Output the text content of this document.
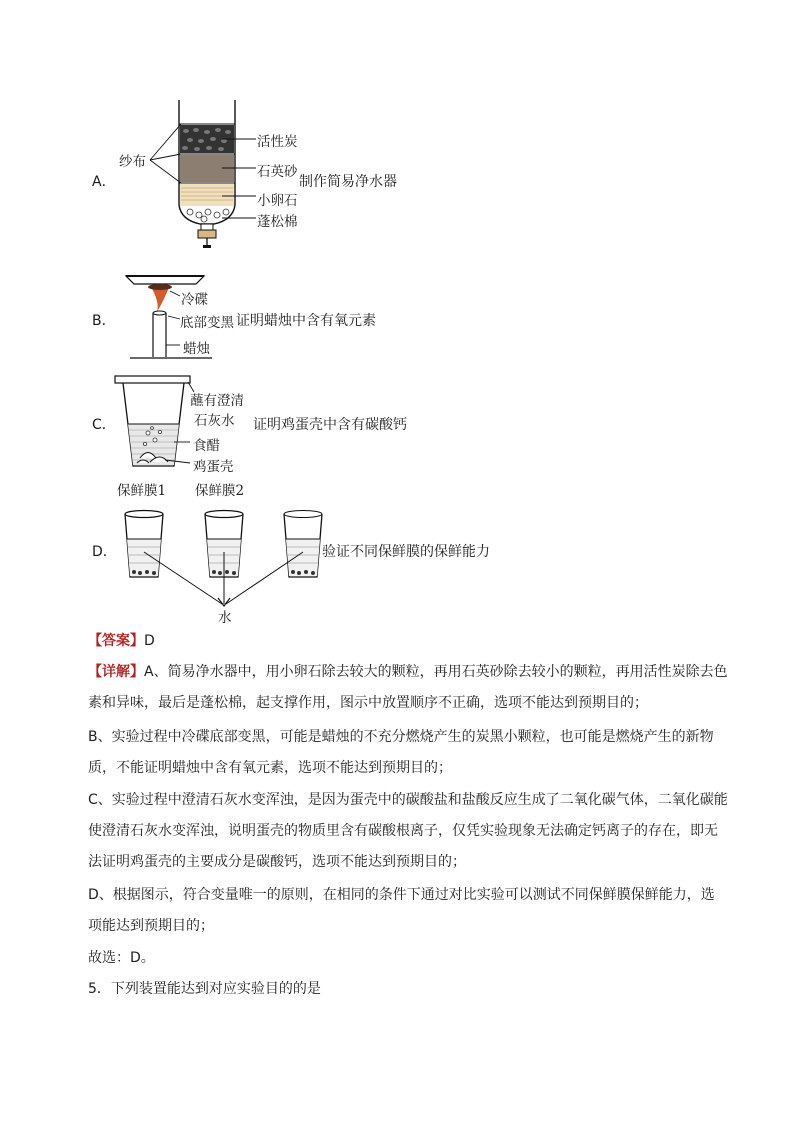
A．
纱布
活性炭
石英砂
制作简易净水器
小卵石
蓬松棉
B．
冷碟
底部变黑 证明蜡烛中含有氧元素
蜡烛
C．
蘸有澄清
石灰水 证明鸡蛋壳中含有碳酸钙
食醋
鸡蛋壳
D．
保鲜膜1 保鲜膜2
验证不同保鲜膜的保鲜能力
水
【答案】D
【详解】A、简易净水器中，用小卵石除去较大的颗粒，再用石英砂除去较小的颗粒，再用活性炭除去色素和异味，最后是蓬松棉，起支撑作用，图示中放置顺序不正确，选项不能达到预期目的；
B、实验过程中冷碟底部变黑，可能是蜡烛的不充分燃烧产生的炭黑小颗粒，也可能是燃烧产生的新物质，不能证明蜡烛中含有氧元素，选项不能达到预期目的；
C、实验过程中澄清石灰水变浑浊，是因为蛋壳中的碳酸盐和盐酸反应生成了二氧化碳气体，二氧化碳能使澄清石灰水变浑浊，说明蛋壳的物质里含有碳酸根离子，仅凭实验现象无法确定钙离子的存在，即无法证明鸡蛋壳的主要成分是碳酸钙，选项不能达到预期目的；
D、根据图示，符合变量唯一的原则，在相同的条件下通过对比实验可以测试不同保鲜膜保鲜能力，选项能达到预期目的；
故选：D。
5．下列装置能达到对应实验目的的是
